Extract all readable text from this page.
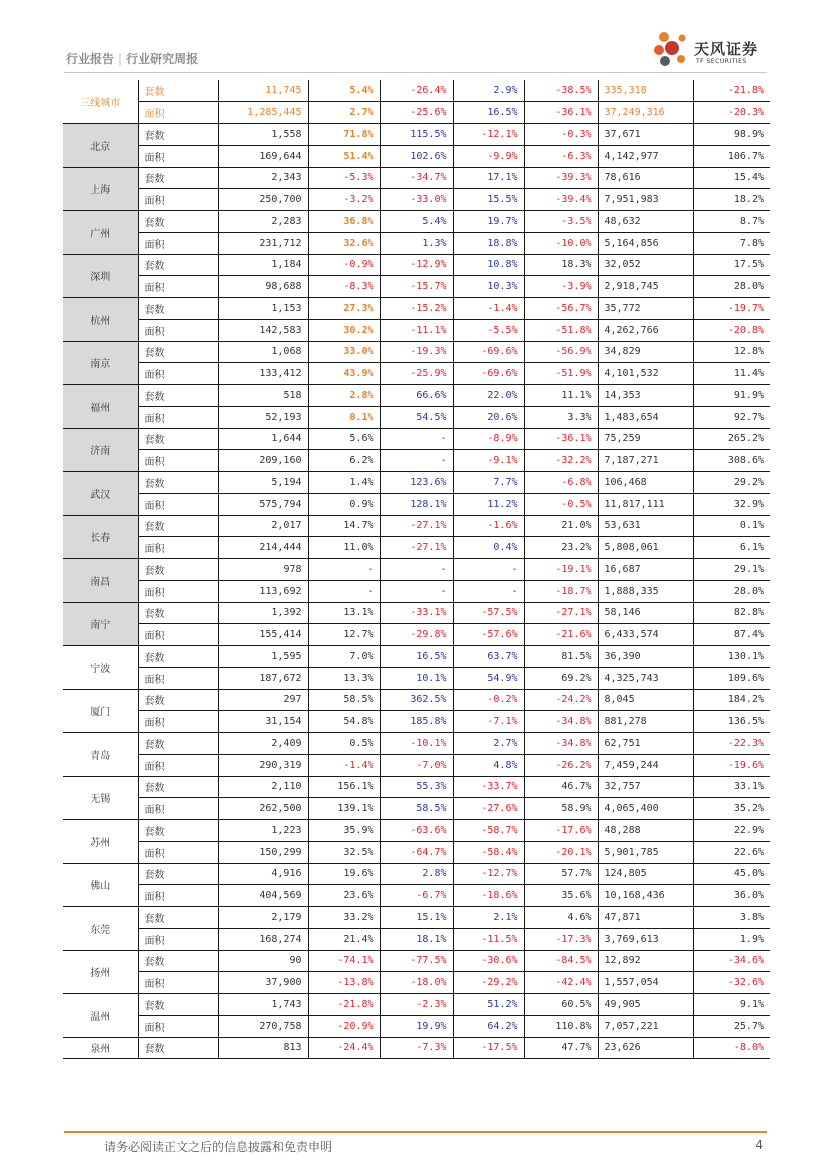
行业报告 | 行业研究周报
天风证券
TF SECURITIES
三线城市	套数	11,745	5.4%	-26.4%	2.9%	-38.5%	335,318	-21.8%
	面积	1,285,445	2.7%	-25.6%	16.5%	-36.1%	37,249,316	-20.3%
北京	套数	1,558	71.8%	115.5%	-12.1%	-0.3%	37,671	98.9%
	面积	169,644	51.4%	102.6%	-9.9%	-6.3%	4,142,977	106.7%
上海	套数	2,343	-5.3%	-34.7%	17.1%	-39.3%	78,616	15.4%
	面积	250,700	-3.2%	-33.0%	15.5%	-39.4%	7,951,983	18.2%
广州	套数	2,283	36.8%	5.4%	19.7%	-3.5%	48,632	8.7%
	面积	231,712	32.6%	1.3%	18.8%	-10.0%	5,164,856	7.8%
深圳	套数	1,184	-0.9%	-12.9%	10.8%	18.3%	32,052	17.5%
	面积	98,688	-8.3%	-15.7%	10.3%	-3.9%	2,918,745	28.0%
杭州	套数	1,153	27.3%	-15.2%	-1.4%	-56.7%	35,772	-19.7%
	面积	142,583	30.2%	-11.1%	-5.5%	-51.8%	4,262,766	-20.8%
南京	套数	1,068	33.0%	-19.3%	-69.6%	-56.9%	34,829	12.8%
	面积	133,412	43.9%	-25.9%	-69.6%	-51.9%	4,101,532	11.4%
福州	套数	518	2.8%	66.6%	22.0%	11.1%	14,353	91.9%
	面积	52,193	0.1%	54.5%	20.6%	3.3%	1,483,654	92.7%
济南	套数	1,644	5.6%	-	-8.9%	-36.1%	75,259	265.2%
	面积	209,160	6.2%	-	-9.1%	-32.2%	7,187,271	308.6%
武汉	套数	5,194	1.4%	123.6%	7.7%	-6.8%	106,468	29.2%
	面积	575,794	0.9%	128.1%	11.2%	-0.5%	11,817,111	32.9%
长春	套数	2,017	14.7%	-27.1%	-1.6%	21.0%	53,631	0.1%
	面积	214,444	11.0%	-27.1%	0.4%	23.2%	5,808,061	6.1%
南昌	套数	978	-	-	-	-19.1%	16,687	29.1%
	面积	113,692	-	-	-	-18.7%	1,888,335	28.0%
南宁	套数	1,392	13.1%	-33.1%	-57.5%	-27.1%	58,146	82.8%
	面积	155,414	12.7%	-29.8%	-57.6%	-21.6%	6,433,574	87.4%
宁波	套数	1,595	7.0%	16.5%	63.7%	81.5%	36,390	130.1%
	面积	187,672	13.3%	10.1%	54.9%	69.2%	4,325,743	109.6%
厦门	套数	297	58.5%	362.5%	-0.2%	-24.2%	8,045	184.2%
	面积	31,154	54.8%	185.8%	-7.1%	-34.8%	881,278	136.5%
青岛	套数	2,409	0.5%	-10.1%	2.7%	-34.8%	62,751	-22.3%
	面积	290,319	-1.4%	-7.0%	4.8%	-26.2%	7,459,244	-19.6%
无锡	套数	2,110	156.1%	55.3%	-33.7%	46.7%	32,757	33.1%
	面积	262,500	139.1%	58.5%	-27.6%	58.9%	4,065,400	35.2%
苏州	套数	1,223	35.9%	-63.6%	-58.7%	-17.6%	48,288	22.9%
	面积	150,299	32.5%	-64.7%	-58.4%	-20.1%	5,901,785	22.6%
佛山	套数	4,916	19.6%	2.8%	-12.7%	57.7%	124,805	45.0%
	面积	404,569	23.6%	-6.7%	-18.6%	35.6%	10,168,436	36.0%
东莞	套数	2,179	33.2%	15.1%	2.1%	4.6%	47,871	3.8%
	面积	168,274	21.4%	18.1%	-11.5%	-17.3%	3,769,613	1.9%
扬州	套数	90	-74.1%	-77.5%	-30.6%	-84.5%	12,892	-34.6%
	面积	37,900	-13.8%	-18.0%	-29.2%	-42.4%	1,557,054	-32.6%
温州	套数	1,743	-21.8%	-2.3%	51.2%	60.5%	49,905	9.1%
	面积	270,758	-20.9%	19.9%	64.2%	110.8%	7,057,221	25.7%
泉州	套数	813	-24.4%	-7.3%	-17.5%	47.7%	23,626	-8.0%
请务必阅读正文之后的信息披露和免责申明	4
